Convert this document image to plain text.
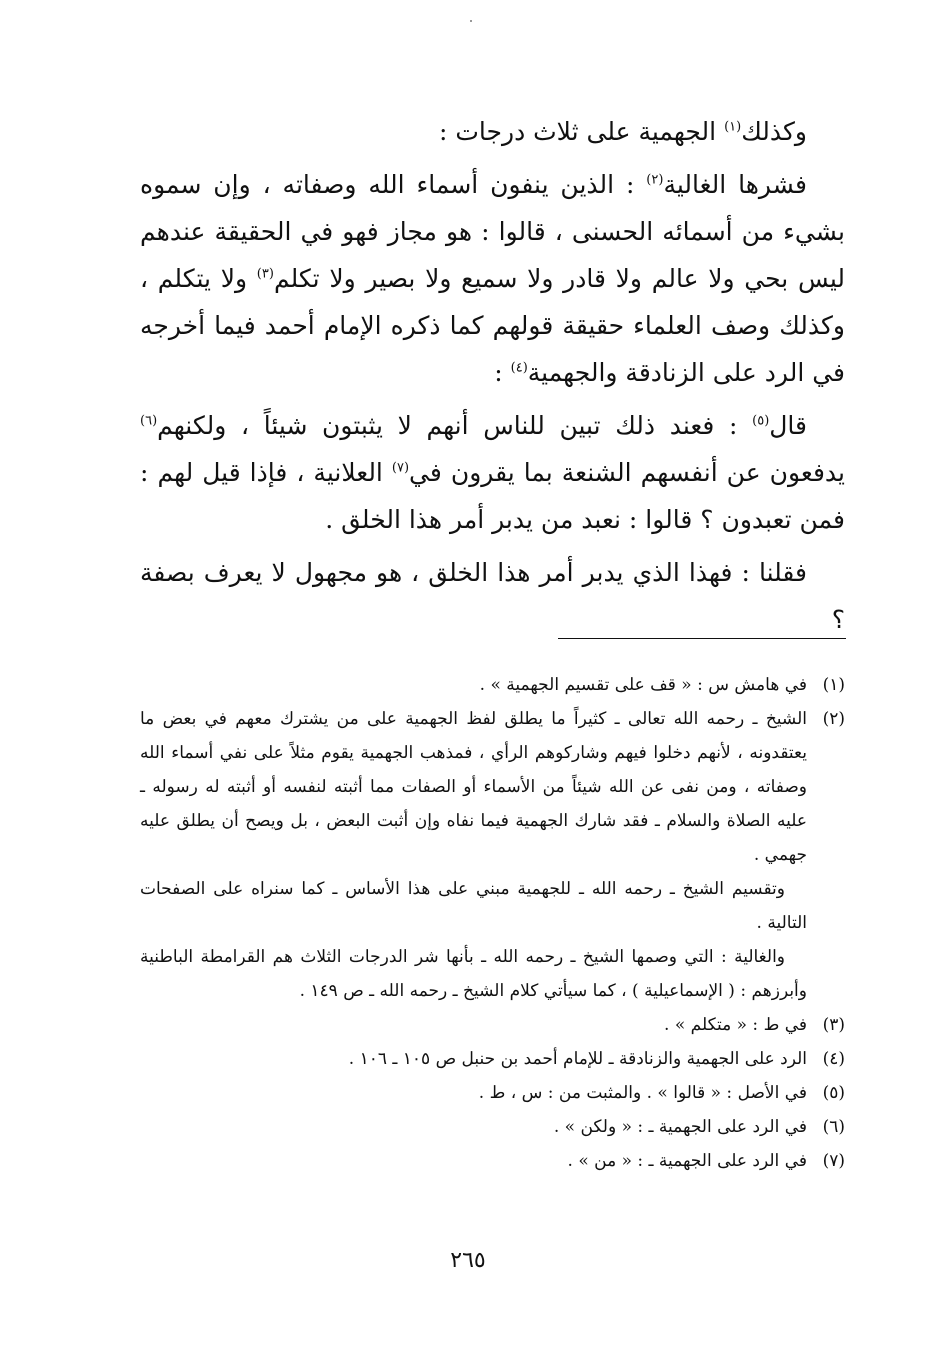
وكذلك$^{(١)}$ الجهمية على ثلاث درجات :

فشرها الغالية$^{(٢)}$ : الذين ينفون أسماء الله وصفاته ، وإن سموه بشيء من أسمائه الحسنى ، قالوا : هو مجاز فهو في الحقيقة عندهم ليس بحي ولا عالم ولا قادر ولا سميع ولا بصير ولا تكلم$^{(٣)}$ ولا يتكلم ، وكذلك وصف العلماء حقيقة قولهم كما ذكره الإمام أحمد فيما أخرجه في الرد على الزنادقة والجهمية$^{(٤)}$ :

قال$^{(٥)}$ : فعند ذلك تبين للناس أنهم لا يثبتون شيئاً ، ولكنهم$^{(٦)}$ يدفعون عن أنفسهم الشنعة بما يقرون في$^{(٧)}$ العلانية ، فإذا قيل لهم : فمن تعبدون ؟ قالوا : نعبد من يدبر أمر هذا الخلق .

فقلنا : فهذا الذي يدبر أمر هذا الخلق ، هو مجهول لا يعرف بصفة ؟

(١)

في هامش س : « قف على تقسيم الجهمية » .

(٢)

الشيخ ـ رحمه الله تعالى ـ كثيراً ما يطلق لفظ الجهمية على من يشترك معهم في بعض ما يعتقدونه ، لأنهم دخلوا فيهم وشاركوهم الرأي ، فمذهب الجهمية يقوم مثلاً على نفي أسماء الله وصفاته ، ومن نفى عن الله شيئاً من الأسماء أو الصفات مما أثبته لنفسه أو أثبته له رسوله ـ عليه الصلاة والسلام ـ فقد شارك الجهمية فيما نفاه وإن أثبت البعض ، بل ويصح أن يطلق عليه جهمي .

وتقسيم الشيخ ـ رحمه الله ـ للجهمية مبني على هذا الأساس ـ كما سنراه على الصفحات التالية .

والغالية : التي وصمها الشيخ ـ رحمه الله ـ بأنها شر الدرجات الثلاث هم القرامطة الباطنية وأبرزهم : ( الإسماعيلية ) ، كما سيأتي كلام الشيخ ـ رحمه الله ـ ص ١٤٩ .

(٣)

في ط : « متكلم » .

(٤)

الرد على الجهمية والزنادقة ـ للإمام أحمد بن حنبل ص ١٠٥ ـ ١٠٦ .

(٥)

في الأصل : « قالوا » . والمثبت من : س ، ط .

(٦)

في الرد على الجهمية ـ : « ولكن » .

(٧)

في الرد على الجهمية ـ : « من » .

٢٦٥
